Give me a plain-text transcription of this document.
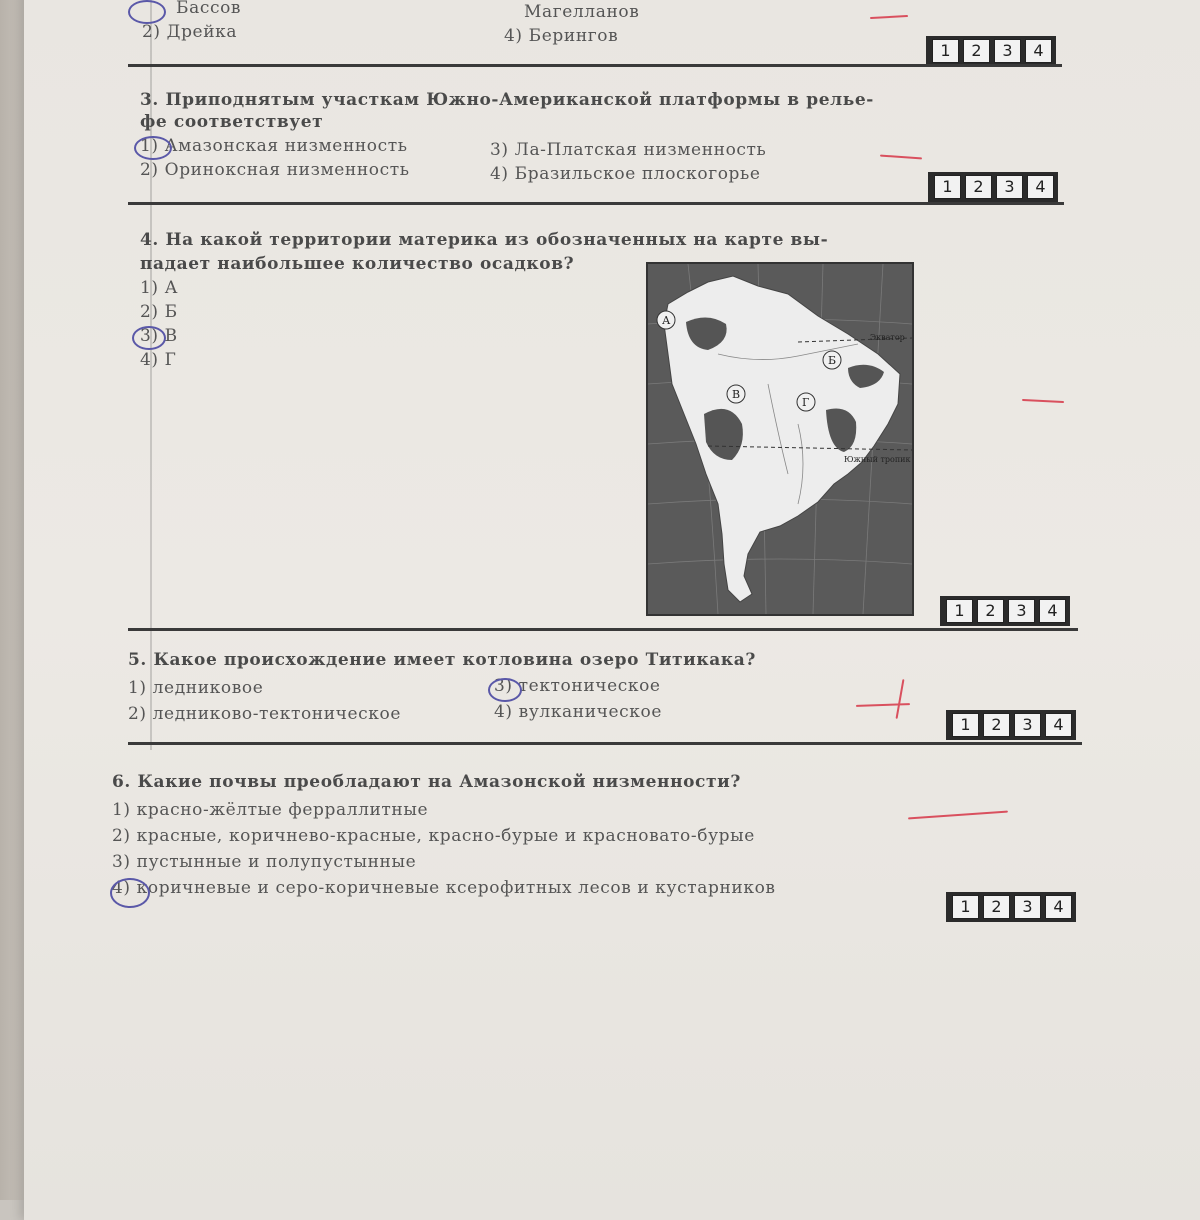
Бассов
2) Дрейка
Магелланов
4) Берингов
1	2	3	4
3. Приподнятым участкам Южно-Американской платформы в релье-
фе соответствует
1) Амазонская низменность
2) Ориноксная низменность
3) Ла-Платская низменность
4) Бразильское плоскогорье
1	2	3	4
4. На какой территории материка из обозначенных на карте вы-
падает наибольшее количество осадков?
1) А
2) Б
3) В
4) Г
Экватор
Южный тропик
А
Б
В
Г
1	2	3	4
5. Какое происхождение имеет котловина озеро Титикака?
1) ледниковое
2) ледниково-тектоническое
3) тектоническое
4) вулканическое
1	2	3	4
6. Какие почвы преобладают на Амазонской низменности?
1) красно-жёлтые ферраллитные
2) красные, коричнево-красные, красно-бурые и красновато-бурые
3) пустынные и полупустынные
4) коричневые и серо-коричневые ксерофитных лесов и кустарников
1	2	3	4
